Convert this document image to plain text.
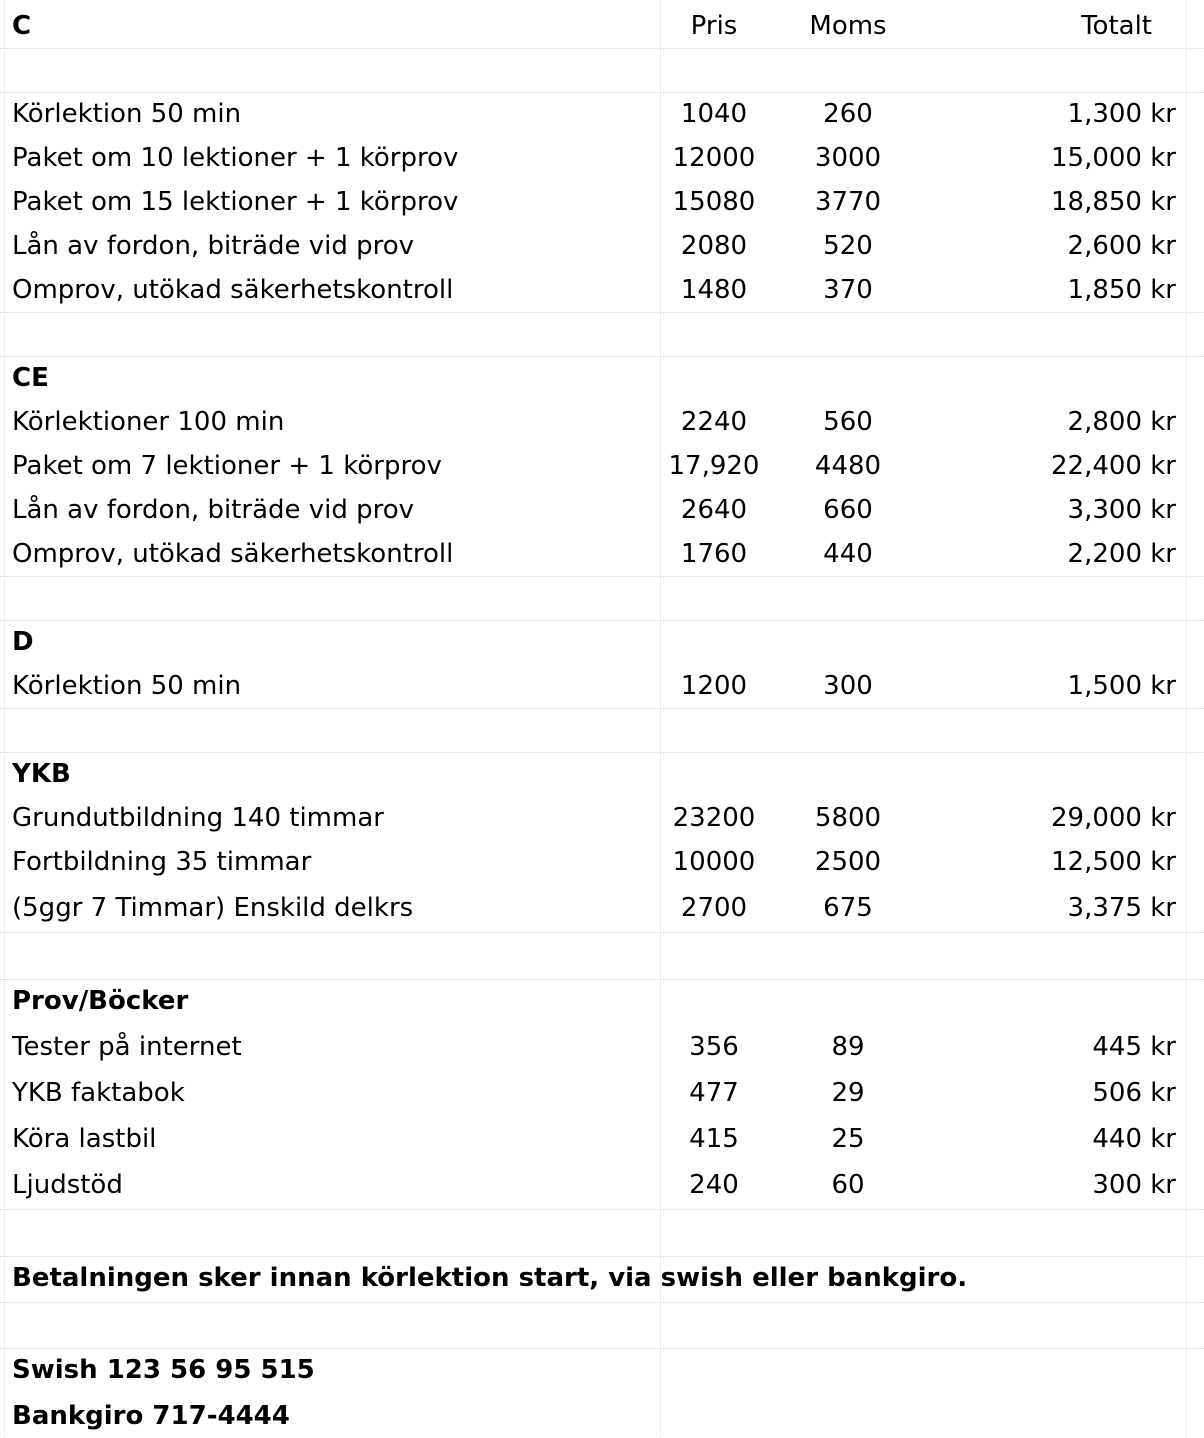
C	Pris	Moms	Totalt
Körlektion 50 min	1040	260	1,300 kr
Paket om 10 lektioner + 1 körprov	12000	3000	15,000 kr
Paket om 15 lektioner + 1 körprov	15080	3770	18,850 kr
Lån av fordon, biträde vid prov	2080	520	2,600 kr
Omprov, utökad säkerhetskontroll	1480	370	1,850 kr
CE
Körlektioner 100 min	2240	560	2,800 kr
Paket om 7 lektioner + 1 körprov	17,920	4480	22,400 kr
Lån av fordon, biträde vid prov	2640	660	3,300 kr
Omprov, utökad säkerhetskontroll	1760	440	2,200 kr
D
Körlektion 50 min	1200	300	1,500 kr
YKB
Grundutbildning 140 timmar	23200	5800	29,000 kr
Fortbildning 35 timmar	10000	2500	12,500 kr
(5ggr 7 Timmar) Enskild delkrs	2700	675	3,375 kr
Prov/Böcker
Tester på internet	356	89	445 kr
YKB faktabok	477	29	506 kr
Köra lastbil	415	25	440 kr
Ljudstöd	240	60	300 kr
Betalningen sker innan körlektion start, via swish eller bankgiro.
Swish 123 56 95 515
Bankgiro 717-4444
